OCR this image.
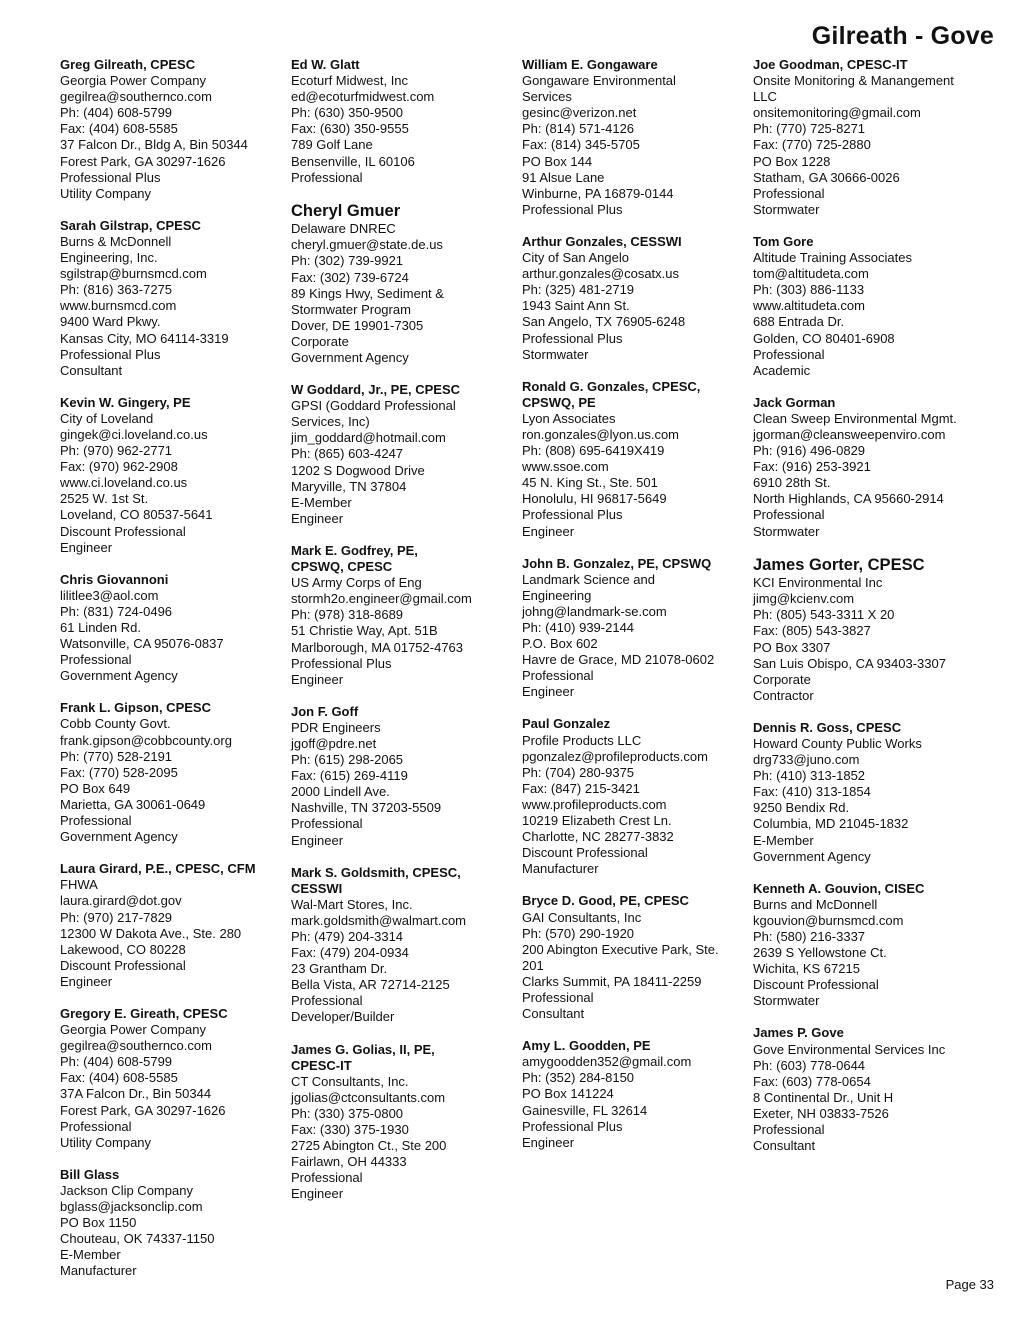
Gilreath - Gove
Greg Gilreath, CPESC
Georgia Power Company
gegilrea@southernco.com
Ph: (404) 608-5799
Fax: (404) 608-5585
37 Falcon Dr., Bldg A, Bin 50344
Forest Park, GA 30297-1626
Professional Plus
Utility Company
Sarah Gilstrap, CPESC
Burns & McDonnell
Engineering, Inc.
sgilstrap@burnsmcd.com
Ph: (816) 363-7275
www.burnsmcd.com
9400 Ward Pkwy.
Kansas City, MO 64114-3319
Professional Plus
Consultant
Kevin W. Gingery, PE
City of Loveland
gingek@ci.loveland.co.us
Ph: (970) 962-2771
Fax: (970) 962-2908
www.ci.loveland.co.us
2525 W. 1st St.
Loveland, CO 80537-5641
Discount Professional
Engineer
Chris Giovannoni
lilitlee3@aol.com
Ph: (831) 724-0496
61 Linden Rd.
Watsonville, CA 95076-0837
Professional
Government Agency
Frank L. Gipson, CPESC
Cobb County Govt.
frank.gipson@cobbcounty.org
Ph: (770) 528-2191
Fax: (770) 528-2095
PO Box 649
Marietta, GA 30061-0649
Professional
Government Agency
Laura Girard, P.E., CPESC, CFM
FHWA
laura.girard@dot.gov
Ph: (970) 217-7829
12300 W Dakota Ave., Ste. 280
Lakewood, CO 80228
Discount Professional
Engineer
Gregory E. Gireath, CPESC
Georgia Power Company
gegilrea@southernco.com
Ph: (404) 608-5799
Fax: (404) 608-5585
37A Falcon Dr., Bin 50344
Forest Park, GA 30297-1626
Professional
Utility Company
Bill Glass
Jackson Clip Company
bglass@jacksonclip.com
PO Box 1150
Chouteau, OK 74337-1150
E-Member
Manufacturer
Ed W. Glatt
Ecoturf Midwest, Inc
ed@ecoturfmidwest.com
Ph: (630) 350-9500
Fax: (630) 350-9555
789 Golf Lane
Bensenville, IL 60106
Professional
Cheryl Gmuer
Delaware DNREC
cheryl.gmuer@state.de.us
Ph: (302) 739-9921
Fax: (302) 739-6724
89 Kings Hwy, Sediment &
Stormwater Program
Dover, DE 19901-7305
Corporate
Government Agency
W Goddard, Jr., PE, CPESC
GPSI (Goddard Professional
Services, Inc)
jim_goddard@hotmail.com
Ph: (865) 603-4247
1202 S Dogwood Drive
Maryville, TN 37804
E-Member
Engineer
Mark E. Godfrey, PE,
CPSWQ, CPESC
US Army Corps of Eng
stormh2o.engineer@gmail.com
Ph: (978) 318-8689
51 Christie Way, Apt. 51B
Marlborough, MA 01752-4763
Professional Plus
Engineer
Jon F. Goff
PDR Engineers
jgoff@pdre.net
Ph: (615) 298-2065
Fax: (615) 269-4119
2000 Lindell Ave.
Nashville, TN 37203-5509
Professional
Engineer
Mark S. Goldsmith, CPESC,
CESSWI
Wal-Mart Stores, Inc.
mark.goldsmith@walmart.com
Ph: (479) 204-3314
Fax: (479) 204-0934
23 Grantham Dr.
Bella Vista, AR 72714-2125
Professional
Developer/Builder
James G. Golias, II, PE,
CPESC-IT
CT Consultants, Inc.
jgolias@ctconsultants.com
Ph: (330) 375-0800
Fax: (330) 375-1930
2725 Abington Ct., Ste 200
Fairlawn, OH 44333
Professional
Engineer
William E. Gongaware
Gongaware Environmental
Services
gesinc@verizon.net
Ph: (814) 571-4126
Fax: (814) 345-5705
PO Box 144
91 Alsue Lane
Winburne, PA 16879-0144
Professional Plus
Arthur Gonzales, CESSWI
City of San Angelo
arthur.gonzales@cosatx.us
Ph: (325) 481-2719
1943 Saint Ann St.
San Angelo, TX 76905-6248
Professional Plus
Stormwater
Ronald G. Gonzales, CPESC,
CPSWQ, PE
Lyon Associates
ron.gonzales@lyon.us.com
Ph: (808) 695-6419X419
www.ssoe.com
45 N. King St., Ste. 501
Honolulu, HI 96817-5649
Professional Plus
Engineer
John B. Gonzalez, PE, CPSWQ
Landmark Science and
Engineering
johng@landmark-se.com
Ph: (410) 939-2144
P.O. Box 602
Havre de Grace, MD 21078-0602
Professional
Engineer
Paul Gonzalez
Profile Products LLC
pgonzalez@profileproducts.com
Ph: (704) 280-9375
Fax: (847) 215-3421
www.profileproducts.com
10219 Elizabeth Crest Ln.
Charlotte, NC 28277-3832
Discount Professional
Manufacturer
Bryce D. Good, PE, CPESC
GAI Consultants, Inc
Ph: (570) 290-1920
200 Abington Executive Park, Ste.
201
Clarks Summit, PA 18411-2259
Professional
Consultant
Amy L. Goodden, PE
amygoodden352@gmail.com
Ph: (352) 284-8150
PO Box 141224
Gainesville, FL 32614
Professional Plus
Engineer
Joe Goodman, CPESC-IT
Onsite Monitoring & Manangement
LLC
onsitemonitoring@gmail.com
Ph: (770) 725-8271
Fax: (770) 725-2880
PO Box 1228
Statham, GA 30666-0026
Professional
Stormwater
Tom Gore
Altitude Training Associates
tom@altitudeta.com
Ph: (303) 886-1133
www.altitudeta.com
688 Entrada Dr.
Golden, CO 80401-6908
Professional
Academic
Jack Gorman
Clean Sweep Environmental Mgmt.
jgorman@cleansweepenviro.com
Ph: (916) 496-0829
Fax: (916) 253-3921
6910 28th St.
North Highlands, CA 95660-2914
Professional
Stormwater
James Gorter, CPESC
KCI Environmental Inc
jimg@kcienv.com
Ph: (805) 543-3311 X 20
Fax: (805) 543-3827
PO Box 3307
San Luis Obispo, CA 93403-3307
Corporate
Contractor
Dennis R. Goss, CPESC
Howard County Public Works
drg733@juno.com
Ph: (410) 313-1852
Fax: (410) 313-1854
9250 Bendix Rd.
Columbia, MD 21045-1832
E-Member
Government Agency
Kenneth A. Gouvion, CISEC
Burns and McDonnell
kgouvion@burnsmcd.com
Ph: (580) 216-3337
2639 S Yellowstone Ct.
Wichita, KS 67215
Discount Professional
Stormwater
James P. Gove
Gove Environmental Services Inc
Ph: (603) 778-0644
Fax: (603) 778-0654
8 Continental Dr., Unit H
Exeter, NH 03833-7526
Professional
Consultant
Page 33
